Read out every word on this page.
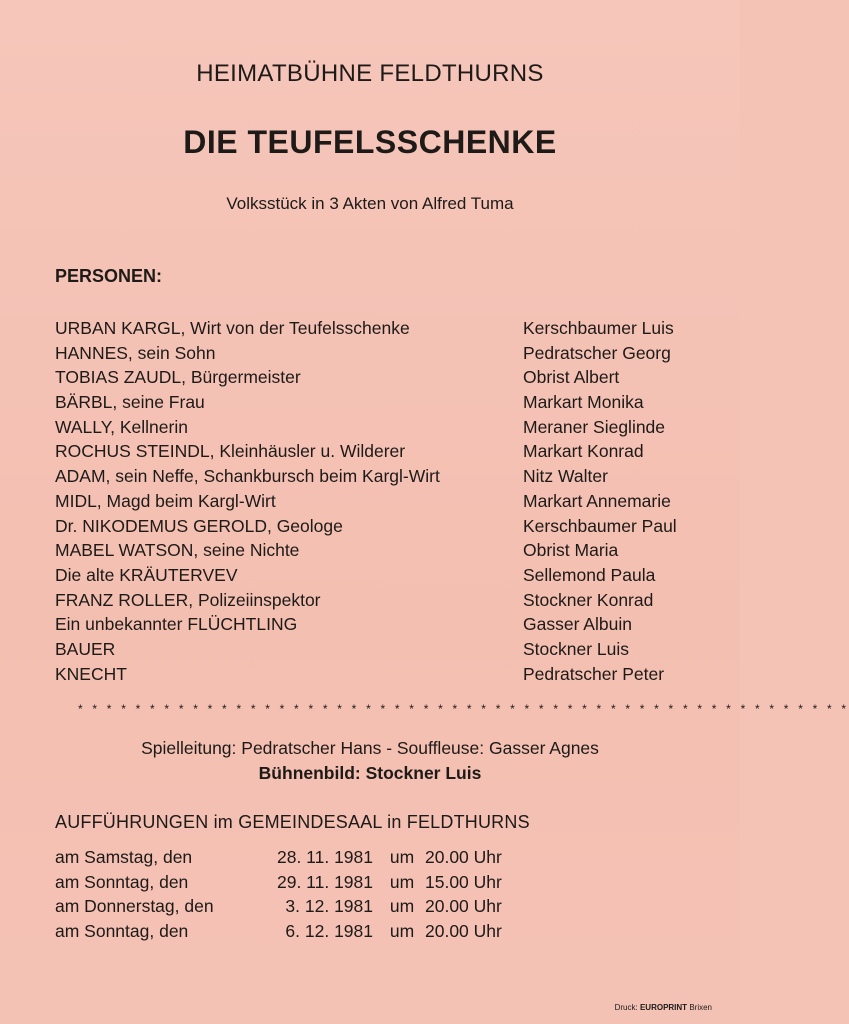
HEIMATBÜHNE FELDTHURNS
DIE TEUFELSSCHENKE
Volksstück in 3 Akten von Alfred Tuma
PERSONEN:
URBAN KARGL, Wirt von der Teufelsschenke	Kerschbaumer Luis
HANNES, sein Sohn	Pedratscher Georg
TOBIAS ZAUDL, Bürgermeister	Obrist Albert
BÄRBL, seine Frau	Markart Monika
WALLY, Kellnerin	Meraner Sieglinde
ROCHUS STEINDL, Kleinhäusler u. Wilderer	Markart Konrad
ADAM, sein Neffe, Schankbursch beim Kargl-Wirt	Nitz Walter
MIDL, Magd beim Kargl-Wirt	Markart Annemarie
Dr. NIKODEMUS GEROLD, Geologe	Kerschbaumer Paul
MABEL WATSON, seine Nichte	Obrist Maria
Die alte KRÄUTERVEV	Sellemond Paula
FRANZ ROLLER, Polizeiinspektor	Stockner Konrad
Ein unbekannter FLÜCHTLING	Gasser Albuin
BAUER	Stockner Luis
KNECHT	Pedratscher Peter
* * * * * * * * * * * * * * * * * * * * * * * * * * * * * * * * * * * * * * * * * * * * * * * * * * * * * *
Spielleitung: Pedratscher Hans - Souffleuse: Gasser Agnes
Bühnenbild: Stockner Luis
AUFFÜHRUNGEN im GEMEINDESAAL in FELDTHURNS
am Samstag, den	28. 11. 1981 um 20.00 Uhr
am Sonntag, den	29. 11. 1981 um 15.00 Uhr
am Donnerstag, den	3. 12. 1981 um 20.00 Uhr
am Sonntag, den	6. 12. 1981 um 20.00 Uhr
Druck: EUROPRINT Brixen
